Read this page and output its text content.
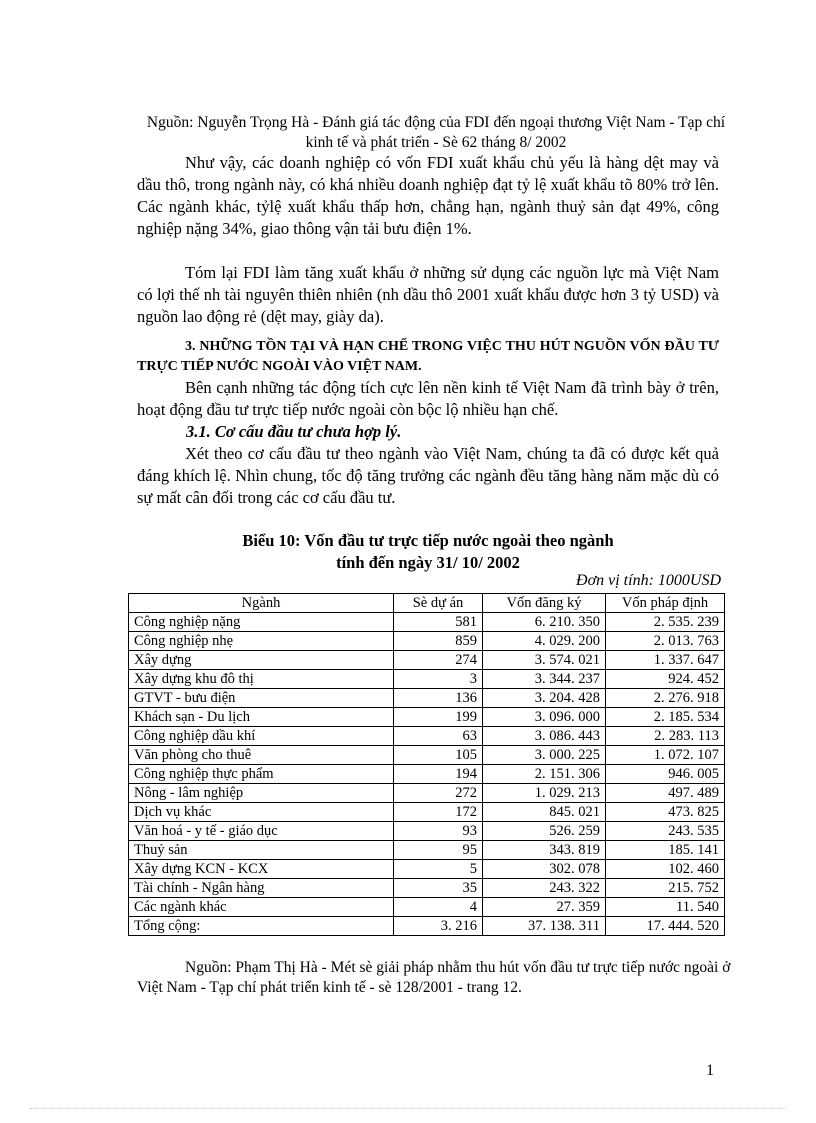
Nguồn: Nguyễn Trọng Hà - Đánh giá tác động của FDI đến ngoại thương Việt Nam - Tạp chí kinh tế và phát triển - Sè 62 tháng 8/ 2002
Như vậy, các doanh nghiệp có vốn FDI xuất khẩu chủ yếu là hàng dệt may và dầu thô, trong ngành này, có khá nhiều doanh nghiệp đạt tỷ lệ xuất khẩu tõ 80% trở lên. Các ngành khác, tỷlệ xuất khẩu thấp hơn, chẳng hạn, ngành thuỷ sản đạt 49%, công nghiệp nặng 34%, giao thông vận tải bưu điện 1%.
Tóm lại FDI làm tăng xuất khẩu ở những sử dụng các nguồn lực mà Việt Nam có lợi thế nh tài nguyên thiên nhiên (nh dầu thô 2001 xuất khẩu được hơn 3 tỷ USD) và nguồn lao động rẻ (dệt may, giày da).
3. NHỮNG TỒN TẠI VÀ HẠN CHẾ TRONG VIỆC THU HÚT NGUỒN VỐN ĐẦU TƯ TRỰC TIẾP NƯỚC NGOÀI VÀO VIỆT NAM.
Bên cạnh những tác động tích cực lên nền kinh tế Việt Nam đã trình bày ở trên, hoạt động đầu tư trực tiếp nước ngoài còn bộc lộ nhiều hạn chế.
3.1. Cơ cấu đầu tư chưa hợp lý.
Xét theo cơ cấu đầu tư theo ngành vào Việt Nam, chúng ta đã có được kết quả đáng khích lệ. Nhìn chung, tốc độ tăng trưởng các ngành đều tăng hàng năm mặc dù có sự mất cân đối trong các cơ cấu đầu tư.
Biểu 10: Vốn đầu tư trực tiếp nước ngoài theo ngành
tính đến ngày 31/ 10/ 2002
Đơn vị tính: 1000USD
Ngành	Sè dự án	Vốn đăng ký	Vốn pháp định
Công nghiệp nặng	581	6. 210. 350	2. 535. 239
Công nghiệp nhẹ	859	4. 029. 200	2. 013. 763
Xây dựng	274	3. 574. 021	1. 337. 647
Xây dựng khu đô thị	3	3. 344. 237	924. 452
GTVT - bưu điện	136	3. 204. 428	2. 276. 918
Khách sạn - Du lịch	199	3. 096. 000	2. 185. 534
Công nghiệp dầu khí	63	3. 086. 443	2. 283. 113
Văn phòng cho thuê	105	3. 000. 225	1. 072. 107
Công nghiệp thực phẩm	194	2. 151. 306	946. 005
Nông - lâm nghiệp	272	1. 029. 213	497. 489
Dịch vụ khác	172	845. 021	473. 825
Văn hoá - y tế - giáo dục	93	526. 259	243. 535
Thuỷ sản	95	343. 819	185. 141
Xây dựng KCN - KCX	5	302. 078	102. 460
Tài chính - Ngân hàng	35	243. 322	215. 752
Các ngành khác	4	27. 359	11. 540
Tổng cộng:	3. 216	37. 138. 311	17. 444. 520
Nguồn: Phạm Thị Hà - Mét sè giải pháp nhằm thu hút vốn đầu tư trực tiếp nước ngoài ở Việt Nam - Tạp chí phát triển kinh tế - sè 128/2001 - trang 12.
1
